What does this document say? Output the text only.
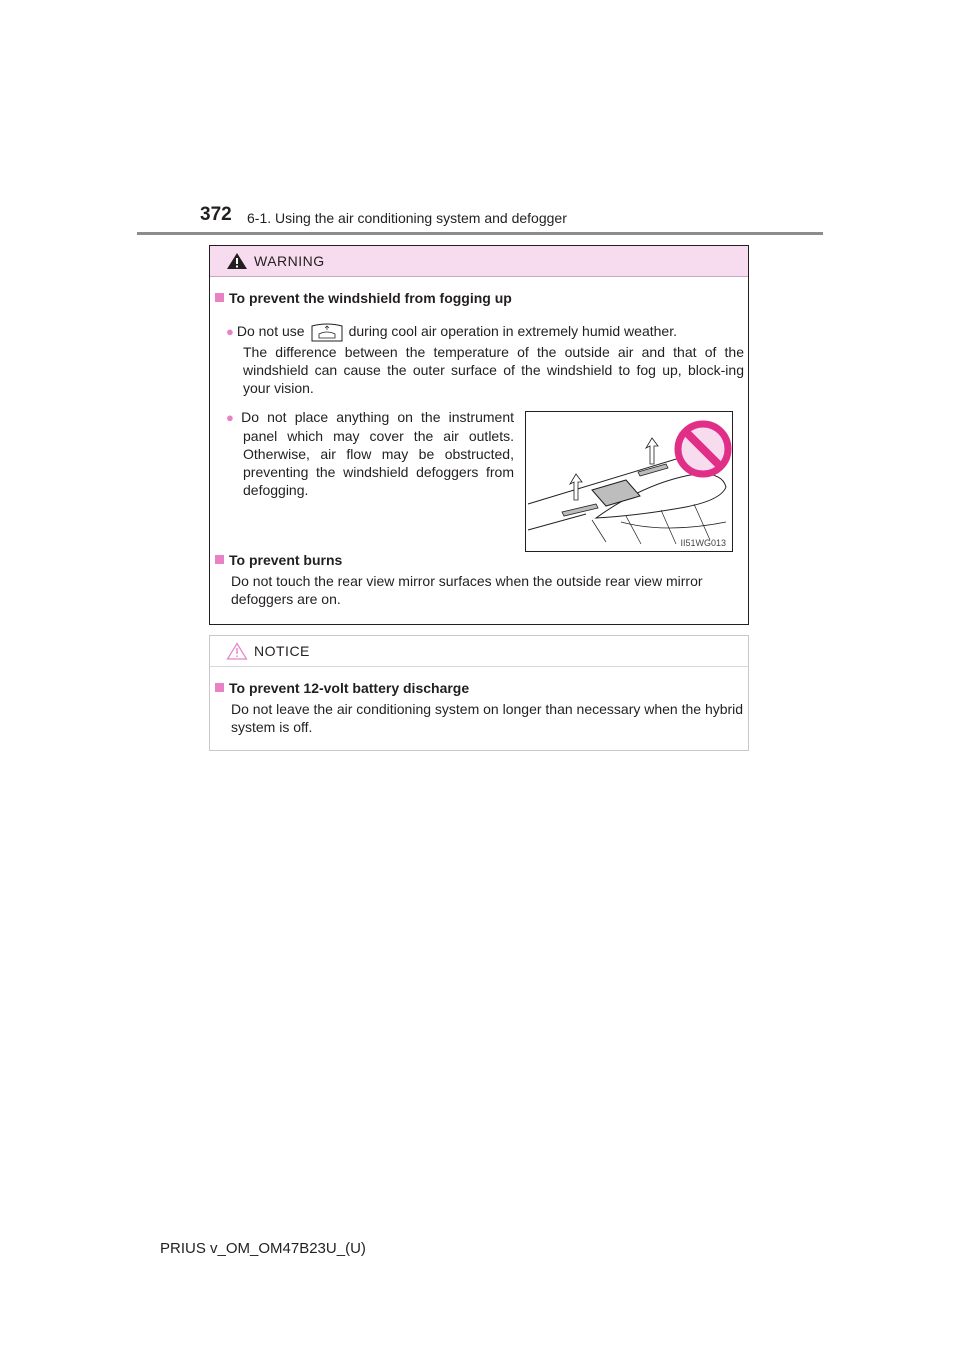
372 6-1. Using the air conditioning system and defogger
WARNING
To prevent the windshield from fogging up
● Do not use	during cool air operation in extremely humid weather.
The difference between the temperature of the outside air and that of the windshield can cause the outer surface of the windshield to fog up, block-ing your vision.
● Do not place anything on the instrument panel which may cover the air outlets. Otherwise, air flow may be obstructed, preventing the windshield defoggers from defogging.
II51WG013
To prevent burns
Do not touch the rear view mirror surfaces when the outside rear view mirror defoggers are on.
NOTICE
To prevent 12-volt battery discharge
Do not leave the air conditioning system on longer than necessary when the hybrid system is off.
PRIUS v_OM_OM47B23U_(U)
